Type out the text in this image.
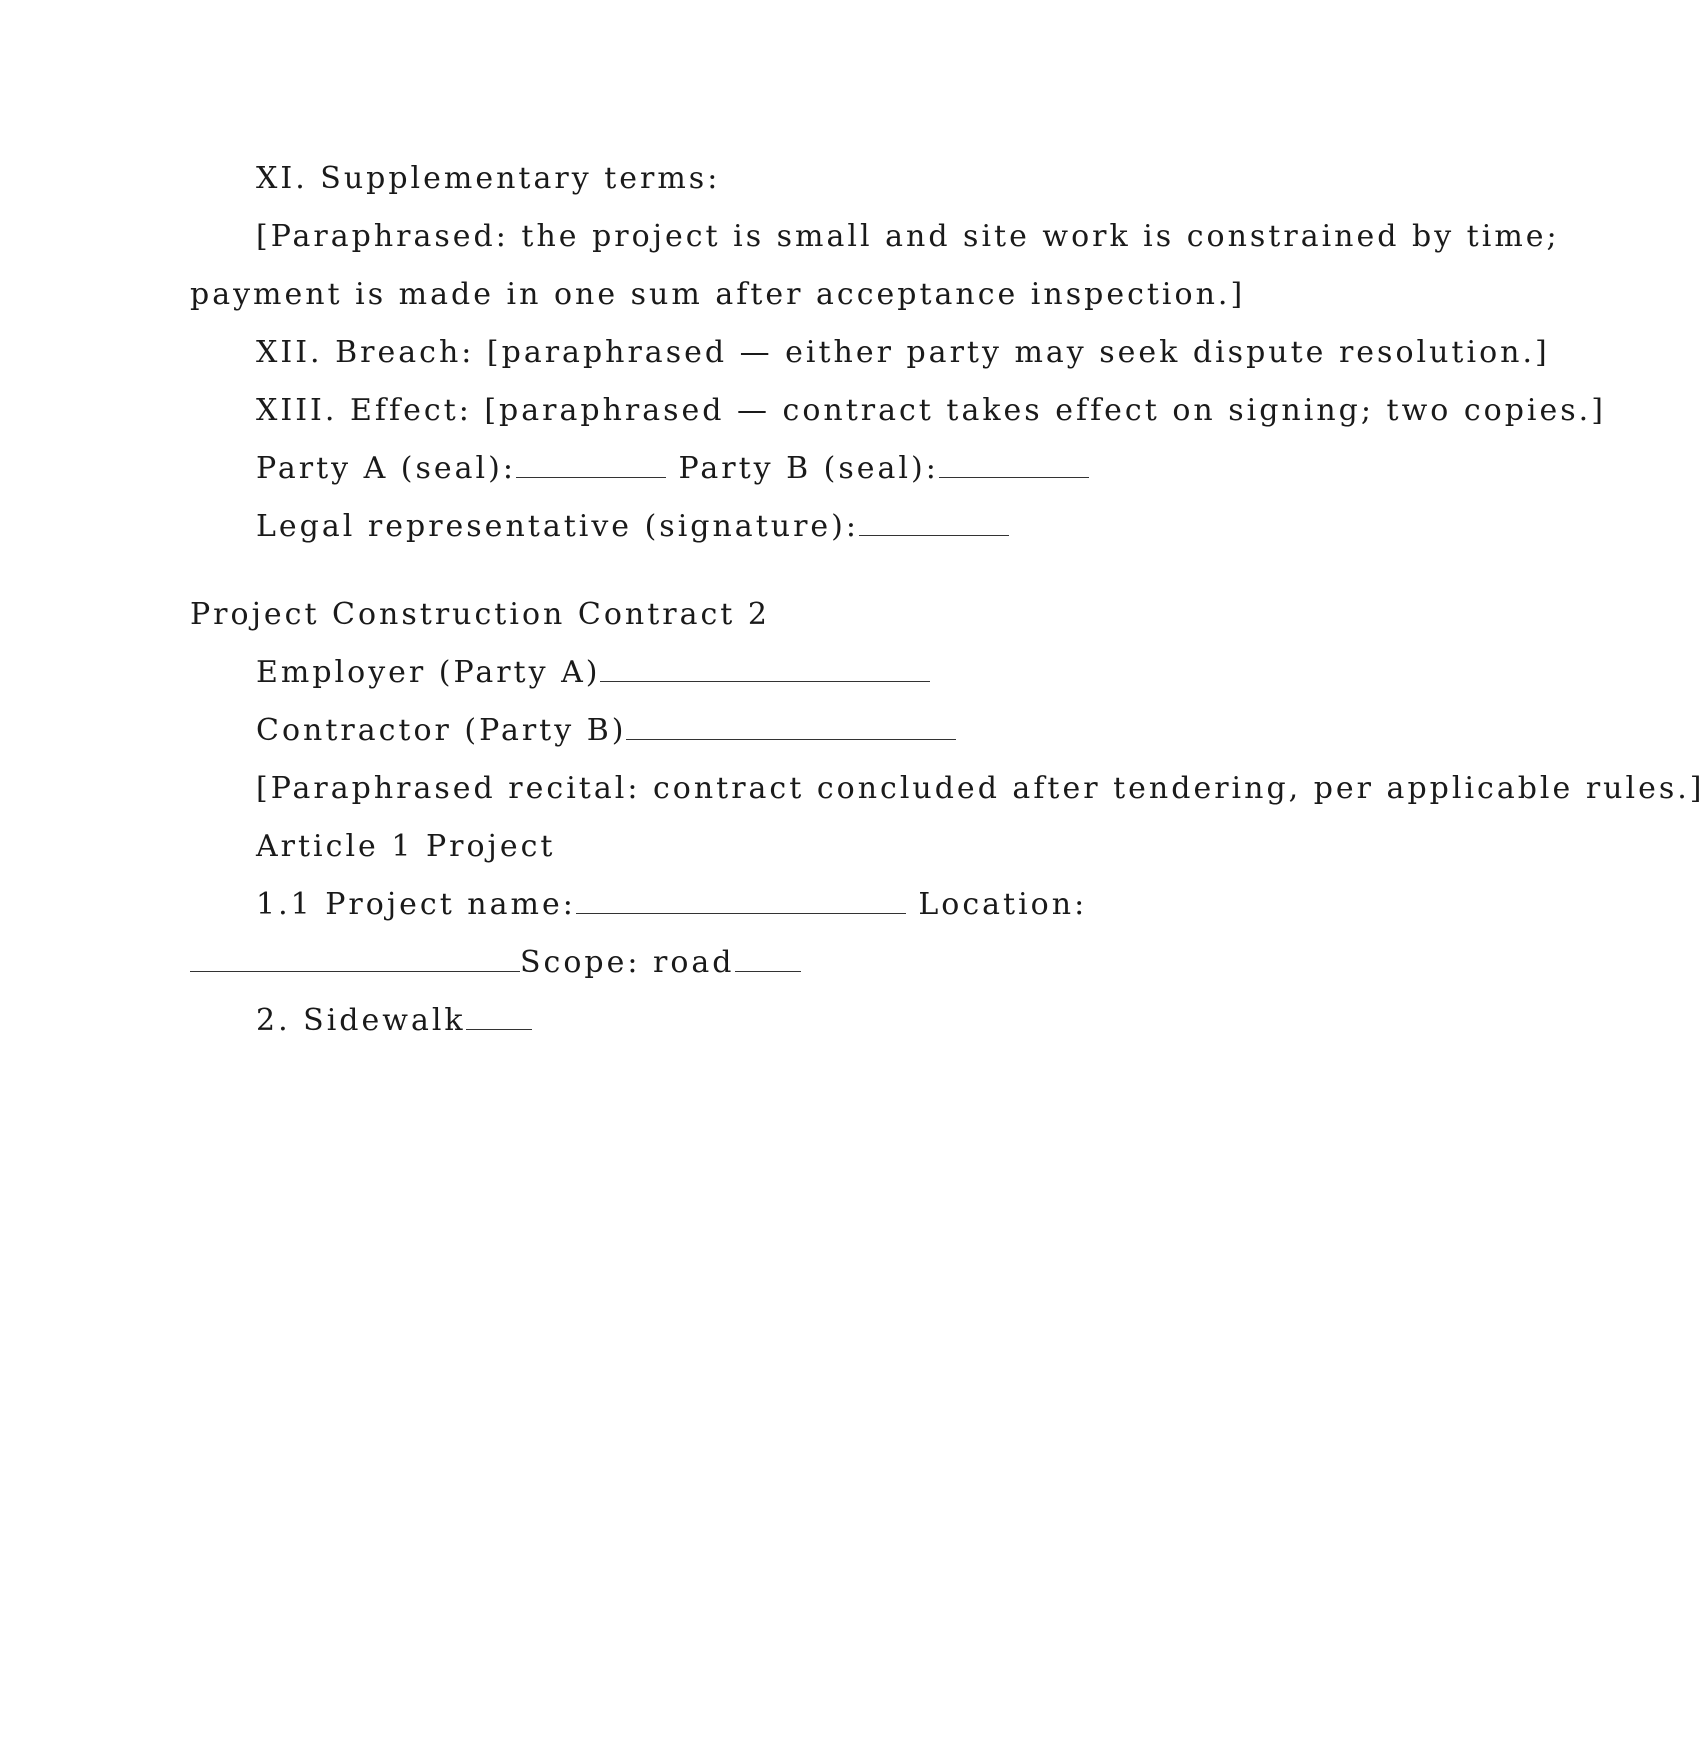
XI. Supplementary terms:
[Paraphrased: the project is small and site work is constrained by time;
payment is made in one sum after acceptance inspection.]
XII. Breach: [paraphrased — either party may seek dispute resolution.]
XIII. Effect: [paraphrased — contract takes effect on signing; two copies.]
Party A (seal):	Party B (seal):
Legal representative (signature):
Project Construction Contract 2
Employer (Party A)
Contractor (Party B)
[Paraphrased recital: contract concluded after tendering, per applicable rules.]
Article 1 Project
1.1 Project name:	Location:
Scope: road
2. Sidewalk
